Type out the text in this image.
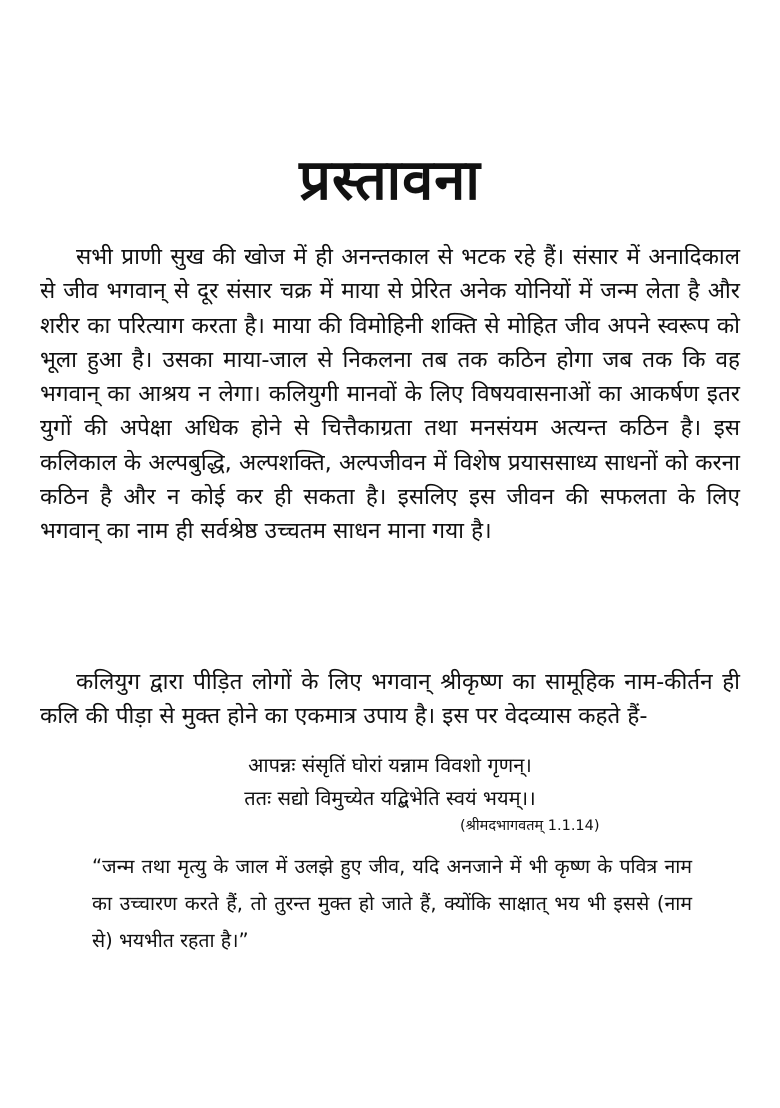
प्रस्तावना

सभी प्राणी सुख की खोज में ही अनन्तकाल से भटक रहे हैं। संसार में अनादिकाल से जीव भगवान् से दूर संसार चक्र में माया से प्रेरित अनेक योनियों में जन्म लेता है और शरीर का परित्याग करता है। माया की विमोहिनी शक्ति से मोहित जीव अपने स्वरूप को भूला हुआ है। उसका माया-जाल से निकलना तब तक कठिन होगा जब तक कि वह भगवान् का आश्रय न लेगा। कलियुगी मानवों के लिए विषयवासनाओं का आकर्षण इतर युगों की अपेक्षा अधिक होने से चित्तैकाग्रता तथा मनसंयम अत्यन्त कठिन है। इस कलिकाल के अल्पबुद्धि, अल्पशक्ति, अल्पजीवन में विशेष प्रयाससाध्य साधनों को करना कठिन है और न कोई कर ही सकता है। इसलिए इस जीवन की सफलता के लिए भगवान् का नाम ही सर्वश्रेष्ठ उच्चतम साधन माना गया है।

कलियुग द्वारा पीड़ित लोगों के लिए भगवान् श्रीकृष्ण का सामूहिक नाम-कीर्तन ही कलि की पीड़ा से मुक्त होने का एकमात्र उपाय है। इस पर वेदव्यास कहते हैं-

आपन्नः संसृतिं घोरां यन्नाम विवशो गृणन्।
ततः सद्यो विमुच्येत यद्बिभेति स्वयं भयम्।।
(श्रीमदभागवतम् 1.1.14)

“जन्म तथा मृत्यु के जाल में उलझे हुए जीव, यदि अनजाने में भी कृष्ण के पवित्र नाम का उच्चारण करते हैं, तो तुरन्त मुक्त हो जाते हैं, क्योंकि साक्षात् भय भी इससे (नाम से) भयभीत रहता है।”
